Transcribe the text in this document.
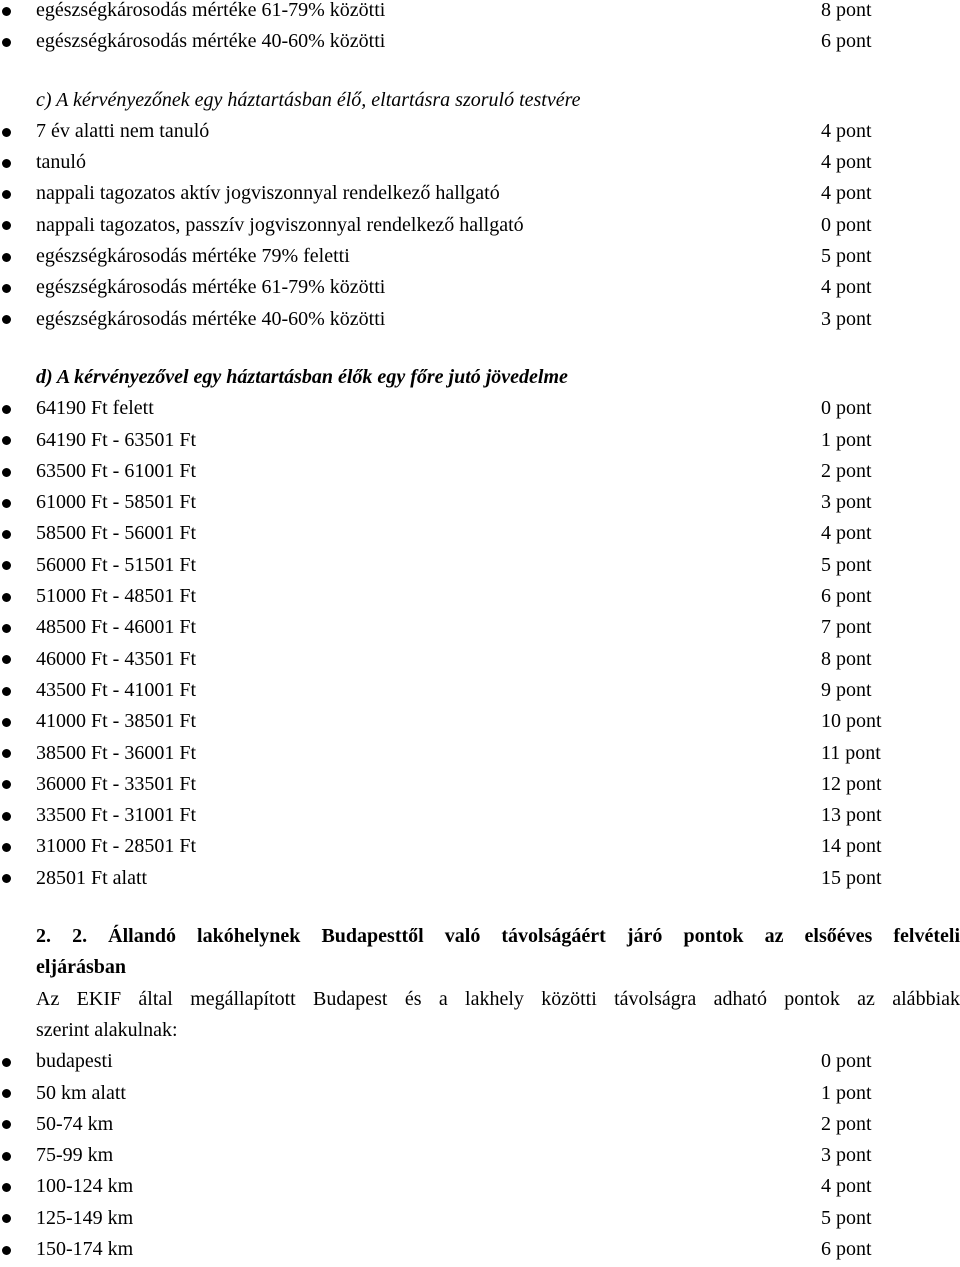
egészségkárosodás mértéke 61-79% közötti	8 pont
egészségkárosodás mértéke 40-60% közötti	6 pont
c) A kérvényezőnek egy háztartásban élő, eltartásra szoruló testvére
7 év alatti nem tanuló	4 pont
tanuló	4 pont
nappali tagozatos aktív jogviszonnyal rendelkező hallgató	4 pont
nappali tagozatos, passzív jogviszonnyal rendelkező hallgató	0 pont
egészségkárosodás mértéke 79% feletti	5 pont
egészségkárosodás mértéke 61-79% közötti	4 pont
egészségkárosodás mértéke 40-60% közötti	3 pont
d) A kérvényezővel egy háztartásban élők egy főre jutó jövedelme
64190 Ft felett	0 pont
64190 Ft - 63501 Ft	1 pont
63500 Ft - 61001 Ft	2 pont
61000 Ft - 58501 Ft	3 pont
58500 Ft - 56001 Ft	4 pont
56000 Ft - 51501 Ft	5 pont
51000 Ft - 48501 Ft	6 pont
48500 Ft - 46001 Ft	7 pont
46000 Ft - 43501 Ft	8 pont
43500 Ft - 41001 Ft	9 pont
41000 Ft - 38501 Ft	10 pont
38500 Ft - 36001 Ft	11 pont
36000 Ft - 33501 Ft	12 pont
33500 Ft - 31001 Ft	13 pont
31000 Ft - 28501 Ft	14 pont
28501 Ft alatt	15 pont
2. 2. Állandó lakóhelynek Budapesttől való távolságáért járó pontok az elsőéves felvételi
eljárásban
Az EKIF által megállapított Budapest és a lakhely közötti távolságra adható pontok az alábbiak
szerint alakulnak:
budapesti	0 pont
50 km alatt	1 pont
50-74 km	2 pont
75-99 km	3 pont
100-124 km	4 pont
125-149 km	5 pont
150-174 km	6 pont
